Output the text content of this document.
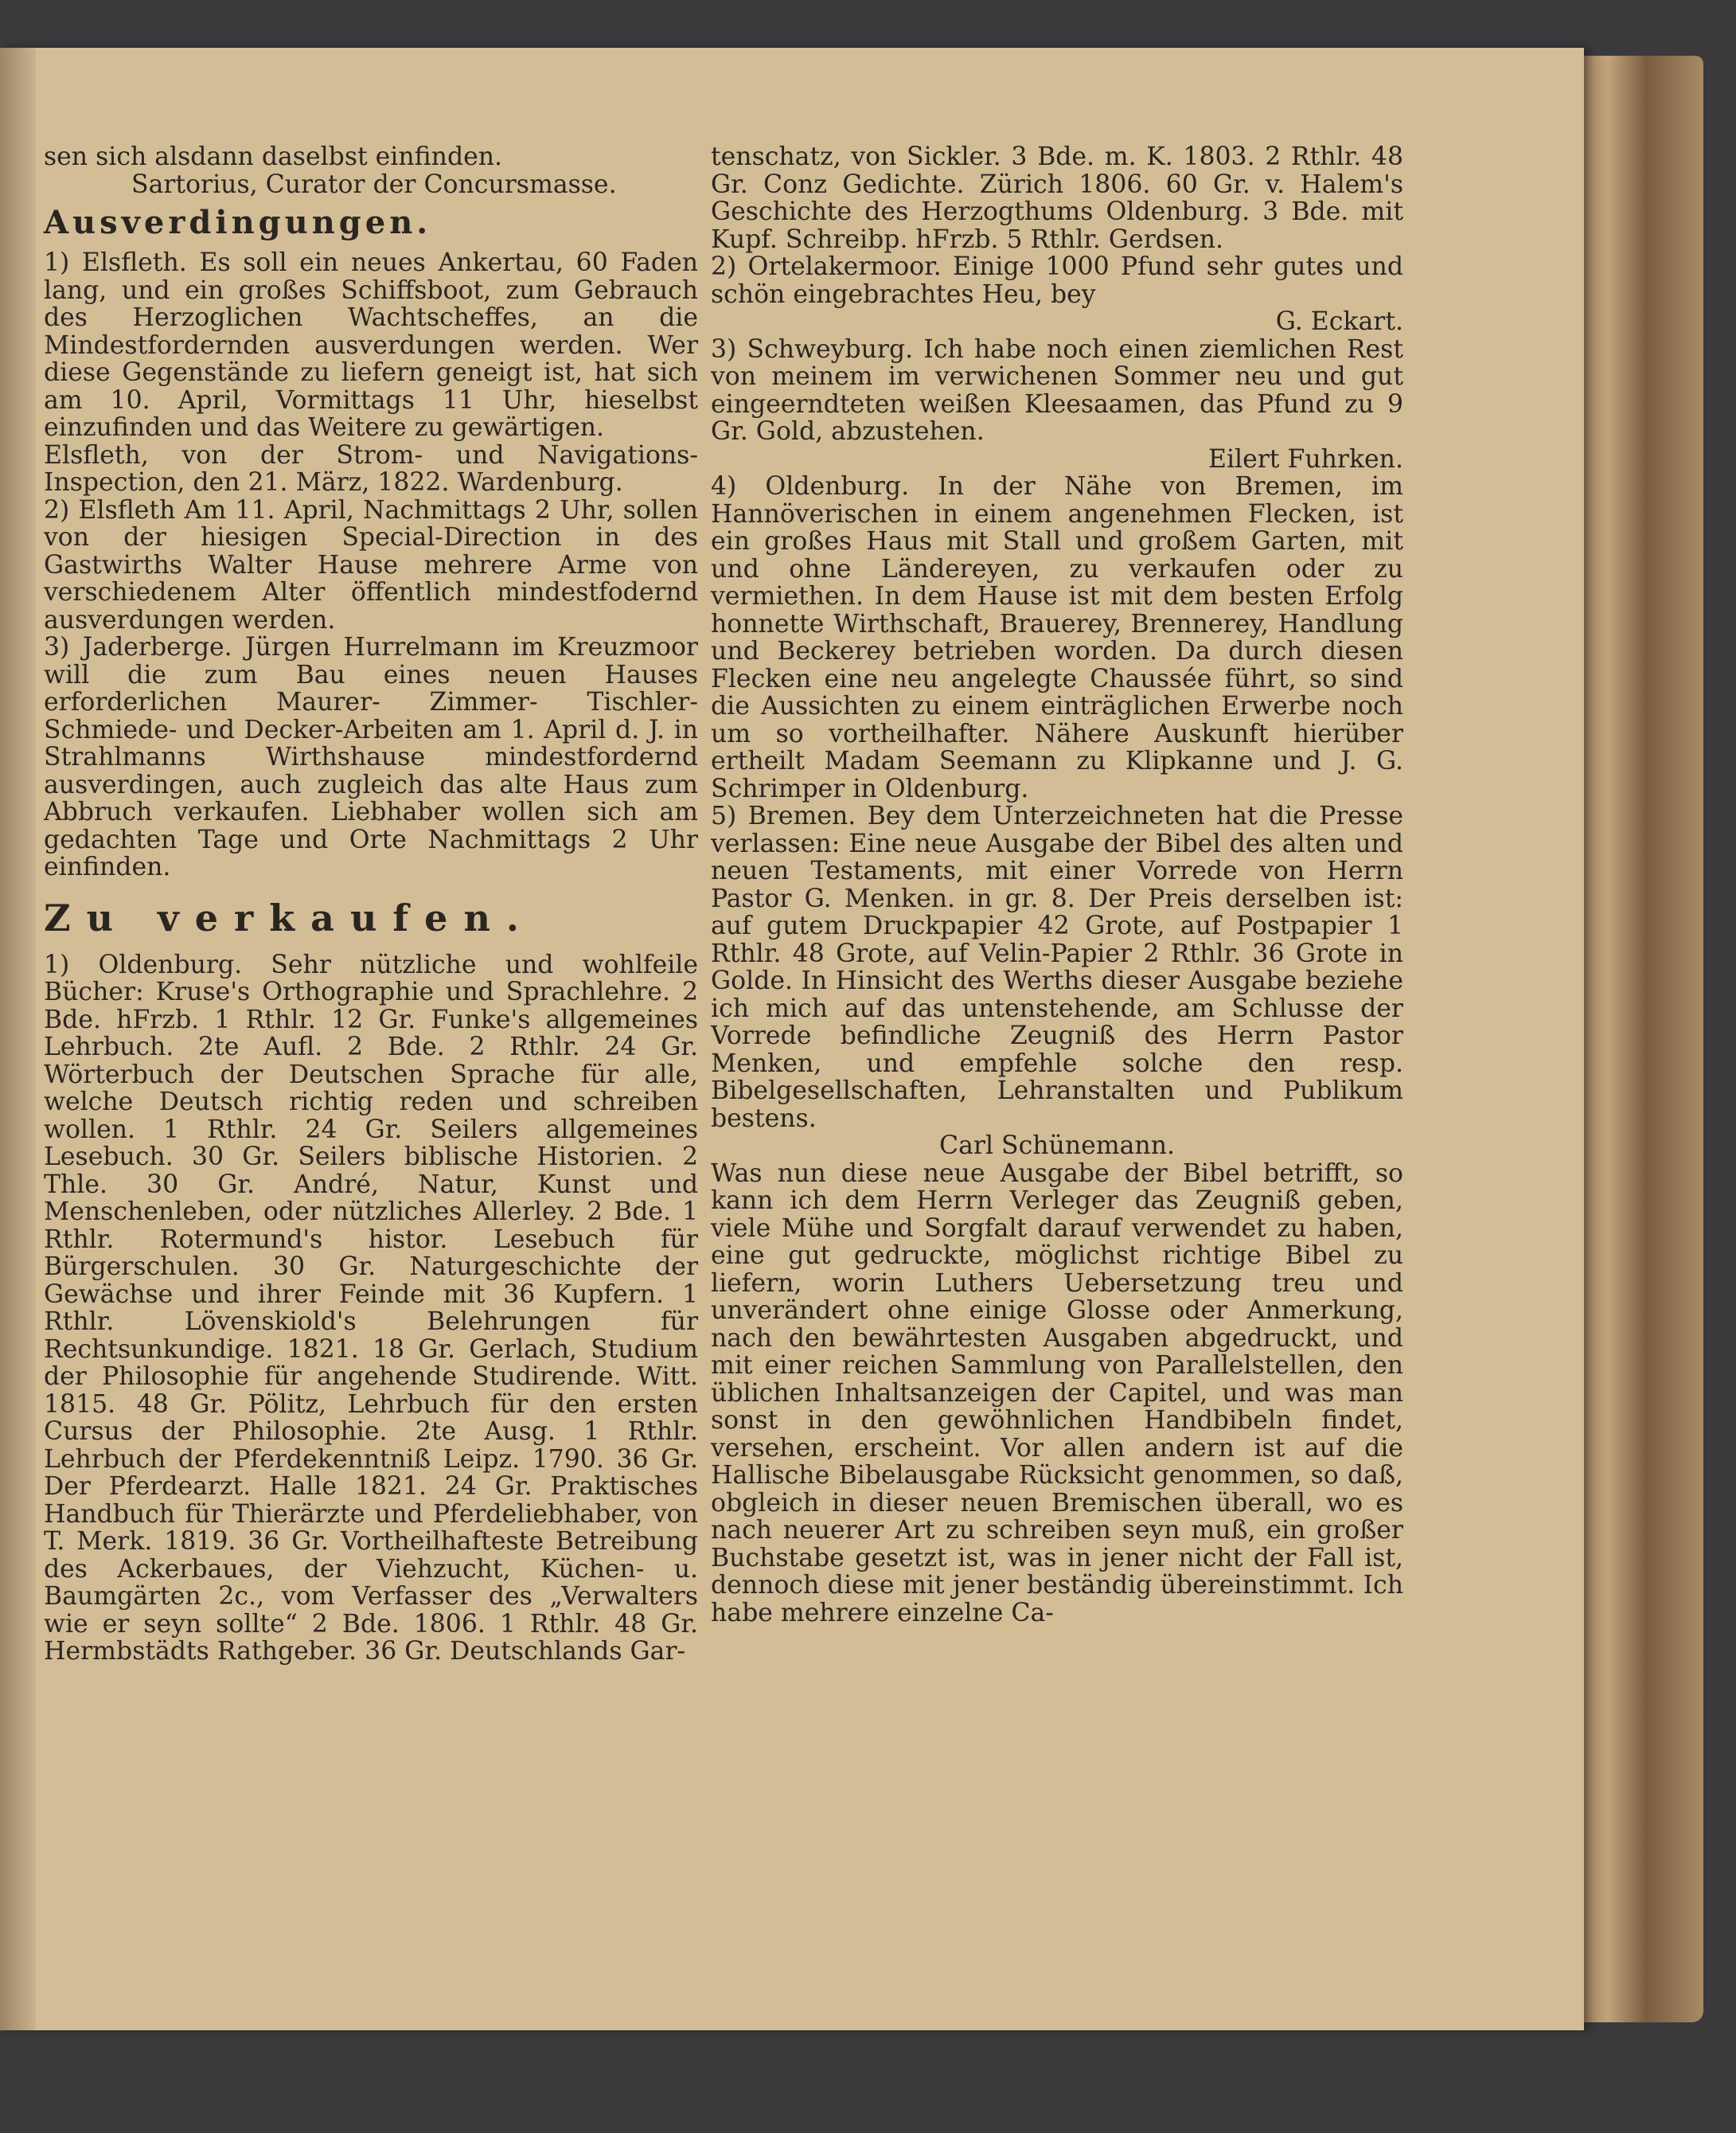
sen sich alsdann daselbst einfinden.

Sartorius, Curator der Concursmasse.

Ausverdingungen.

1) Elsfleth. Es soll ein neues Ankertau, 60 Faden lang, und ein großes Schiffsboot, zum Gebrauch des Herzoglichen Wachtscheffes, an die Mindestfordernden ausverdungen werden. Wer diese Gegenstände zu liefern geneigt ist, hat sich am 10. April, Vormittags 11 Uhr, hieselbst einzufinden und das Weitere zu gewärtigen.

Elsfleth, von der Strom- und Navigations-Inspection, den 21. März, 1822. Wardenburg.

2) Elsfleth Am 11. April, Nachmittags 2 Uhr, sollen von der hiesigen Special-Direction in des Gastwirths Walter Hause mehrere Arme von verschiedenem Alter öffentlich mindestfodernd ausverdungen werden.

3) Jaderberge. Jürgen Hurrelmann im Kreuzmoor will die zum Bau eines neuen Hauses erforderlichen Maurer- Zimmer- Tischler- Schmiede- und Decker-Arbeiten am 1. April d. J. in Strahlmanns Wirthshause mindestfordernd ausverdingen, auch zugleich das alte Haus zum Abbruch verkaufen. Liebhaber wollen sich am gedachten Tage und Orte Nachmittags 2 Uhr einfinden.

Zu verkaufen.

1) Oldenburg. Sehr nützliche und wohlfeile Bücher: Kruse's Orthographie und Sprachlehre. 2 Bde. hFrzb. 1 Rthlr. 12 Gr. Funke's allgemeines Lehrbuch. 2te Aufl. 2 Bde. 2 Rthlr. 24 Gr. Wörterbuch der Deutschen Sprache für alle, welche Deutsch richtig reden und schreiben wollen. 1 Rthlr. 24 Gr. Seilers allgemeines Lesebuch. 30 Gr. Seilers biblische Historien. 2 Thle. 30 Gr. André, Natur, Kunst und Menschenleben, oder nützliches Allerley. 2 Bde. 1 Rthlr. Rotermund's histor. Lesebuch für Bürgerschulen. 30 Gr. Naturgeschichte der Gewächse und ihrer Feinde mit 36 Kupfern. 1 Rthlr. Lövenskiold's Belehrungen für Rechtsunkundige. 1821. 18 Gr. Gerlach, Studium der Philosophie für angehende Studirende. Witt. 1815. 48 Gr. Pölitz, Lehrbuch für den ersten Cursus der Philosophie. 2te Ausg. 1 Rthlr. Lehrbuch der Pferdekenntniß Leipz. 1790. 36 Gr. Der Pferdearzt. Halle 1821. 24 Gr. Praktisches Handbuch für Thierärzte und Pferdeliebhaber, von T. Merk. 1819. 36 Gr. Vortheilhafteste Betreibung des Ackerbaues, der Viehzucht, Küchen- u. Baumgärten 2c., vom Verfasser des „Verwalters wie er seyn sollte“ 2 Bde. 1806. 1 Rthlr. 48 Gr. Hermbstädts Rathgeber. 36 Gr. Deutschlands Gar-

tenschatz, von Sickler. 3 Bde. m. K. 1803. 2 Rthlr. 48 Gr. Conz Gedichte. Zürich 1806. 60 Gr. v. Halem's Geschichte des Herzogthums Oldenburg. 3 Bde. mit Kupf. Schreibp. hFrzb. 5 Rthlr. Gerdsen.

2) Ortelakermoor. Einige 1000 Pfund sehr gutes und schön eingebrachtes Heu, bey

G. Eckart.

3) Schweyburg. Ich habe noch einen ziemlichen Rest von meinem im verwichenen Sommer neu und gut eingeerndteten weißen Kleesaamen, das Pfund zu 9 Gr. Gold, abzustehen.

Eilert Fuhrken.

4) Oldenburg. In der Nähe von Bremen, im Hannöverischen in einem angenehmen Flecken, ist ein großes Haus mit Stall und großem Garten, mit und ohne Ländereyen, zu verkaufen oder zu vermiethen. In dem Hause ist mit dem besten Erfolg honnette Wirthschaft, Brauerey, Brennerey, Handlung und Beckerey betrieben worden. Da durch diesen Flecken eine neu angelegte Chaussée führt, so sind die Aussichten zu einem einträglichen Erwerbe noch um so vortheilhafter. Nähere Auskunft hierüber ertheilt Madam Seemann zu Klipkanne und J. G. Schrimper in Oldenburg.

5) Bremen. Bey dem Unterzeichneten hat die Presse verlassen: Eine neue Ausgabe der Bibel des alten und neuen Testaments, mit einer Vorrede von Herrn Pastor G. Menken. in gr. 8. Der Preis derselben ist: auf gutem Druckpapier 42 Grote, auf Postpapier 1 Rthlr. 48 Grote, auf Velin-Papier 2 Rthlr. 36 Grote in Golde. In Hinsicht des Werths dieser Ausgabe beziehe ich mich auf das untenstehende, am Schlusse der Vorrede befindliche Zeugniß des Herrn Pastor Menken, und empfehle solche den resp. Bibelgesellschaften, Lehranstalten und Publikum bestens.

Carl Schünemann.

Was nun diese neue Ausgabe der Bibel betrifft, so kann ich dem Herrn Verleger das Zeugniß geben, viele Mühe und Sorgfalt darauf verwendet zu haben, eine gut gedruckte, möglichst richtige Bibel zu liefern, worin Luthers Uebersetzung treu und unverändert ohne einige Glosse oder Anmerkung, nach den bewährtesten Ausgaben abgedruckt, und mit einer reichen Sammlung von Parallelstellen, den üblichen Inhaltsanzeigen der Capitel, und was man sonst in den gewöhnlichen Handbibeln findet, versehen, erscheint. Vor allen andern ist auf die Hallische Bibelausgabe Rücksicht genommen, so daß, obgleich in dieser neuen Bremischen überall, wo es nach neuerer Art zu schreiben seyn muß, ein großer Buchstabe gesetzt ist, was in jener nicht der Fall ist, dennoch diese mit jener beständig übereinstimmt. Ich habe mehrere einzelne Ca-
